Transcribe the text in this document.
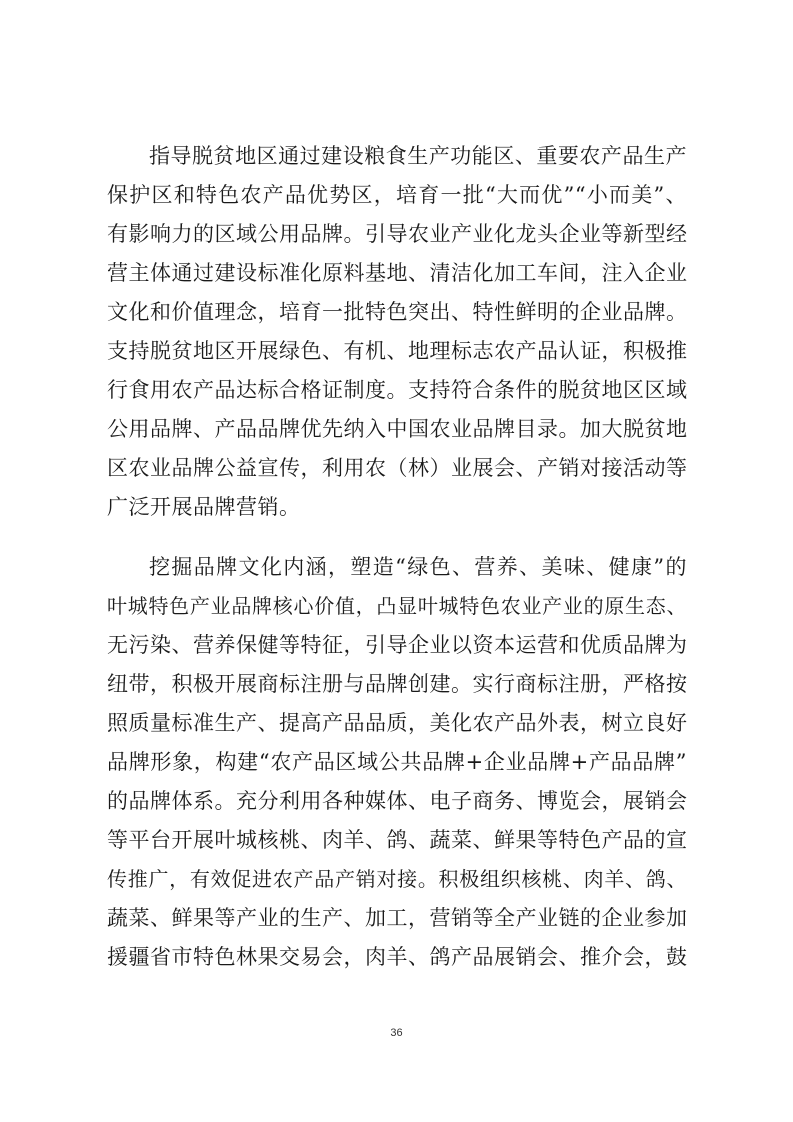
指导脱贫地区通过建设粮食生产功能区、重要农产品生产
保护区和特色农产品优势区，培育一批“大而优”“小而美”、
有影响力的区域公用品牌。引导农业产业化龙头企业等新型经
营主体通过建设标准化原料基地、清洁化加工车间，注入企业
文化和价值理念，培育一批特色突出、特性鲜明的企业品牌。
支持脱贫地区开展绿色、有机、地理标志农产品认证，积极推
行食用农产品达标合格证制度。支持符合条件的脱贫地区区域
公用品牌、产品品牌优先纳入中国农业品牌目录。加大脱贫地
区农业品牌公益宣传，利用农（林）业展会、产销对接活动等
广泛开展品牌营销。
挖掘品牌文化内涵，塑造“绿色、营养、美味、健康”的
叶城特色产业品牌核心价值，凸显叶城特色农业产业的原生态、
无污染、营养保健等特征，引导企业以资本运营和优质品牌为
纽带，积极开展商标注册与品牌创建。实行商标注册，严格按
照质量标准生产、提高产品品质，美化农产品外表，树立良好
品牌形象，构建“农产品区域公共品牌+企业品牌+产品品牌”
的品牌体系。充分利用各种媒体、电子商务、博览会，展销会
等平台开展叶城核桃、肉羊、鸽、蔬菜、鲜果等特色产品的宣
传推广，有效促进农产品产销对接。积极组织核桃、肉羊、鸽、
蔬菜、鲜果等产业的生产、加工，营销等全产业链的企业参加
援疆省市特色林果交易会，肉羊、鸽产品展销会、推介会，鼓
36
